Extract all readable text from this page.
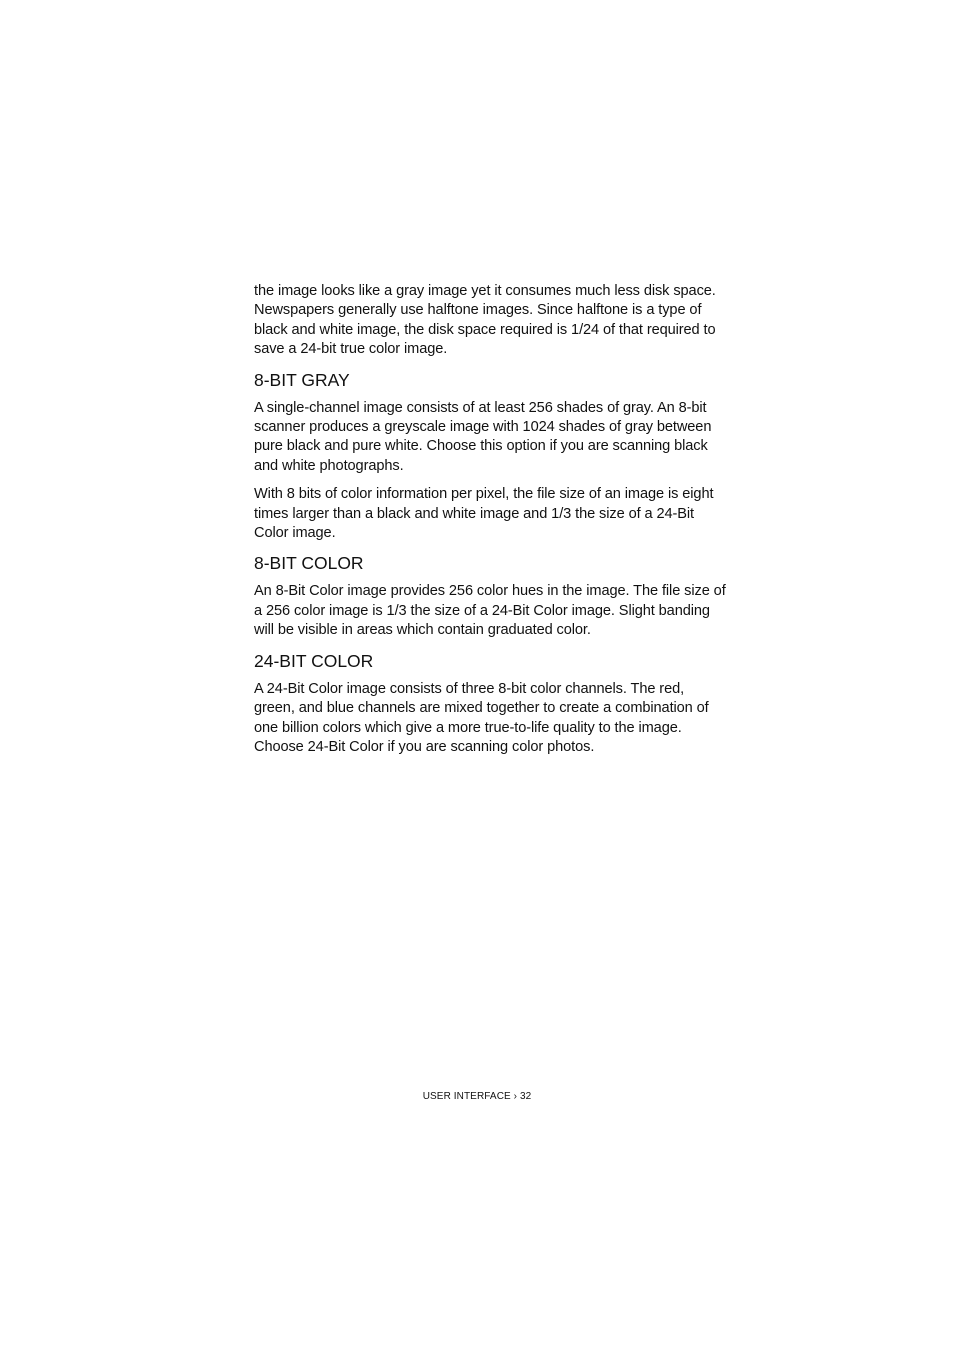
the image looks like a gray image yet it consumes much less disk space. Newspapers generally use halftone images. Since halftone is a type of black and white image, the disk space required is 1/24 of that required to save a 24-bit true color image.

8-BIT GRAY

A single-channel image consists of at least 256 shades of gray. An 8-bit scanner produces a greyscale image with 1024 shades of gray between pure black and pure white. Choose this option if you are scanning black and white photographs.

With 8 bits of color information per pixel, the file size of an image is eight times larger than a black and white image and 1/3 the size of a 24-Bit Color image.

8-BIT COLOR

An 8-Bit Color image provides 256 color hues in the image. The file size of a 256 color image is 1/3 the size of a 24-Bit Color image. Slight banding will be visible in areas which contain graduated color.

24-BIT COLOR

A 24-Bit Color image consists of three 8-bit color channels. The red, green, and blue channels are mixed together to create a combination of one billion colors which give a more true-to-life quality to the image. Choose 24-Bit Color if you are scanning color photos.

USER INTERFACE › 32
